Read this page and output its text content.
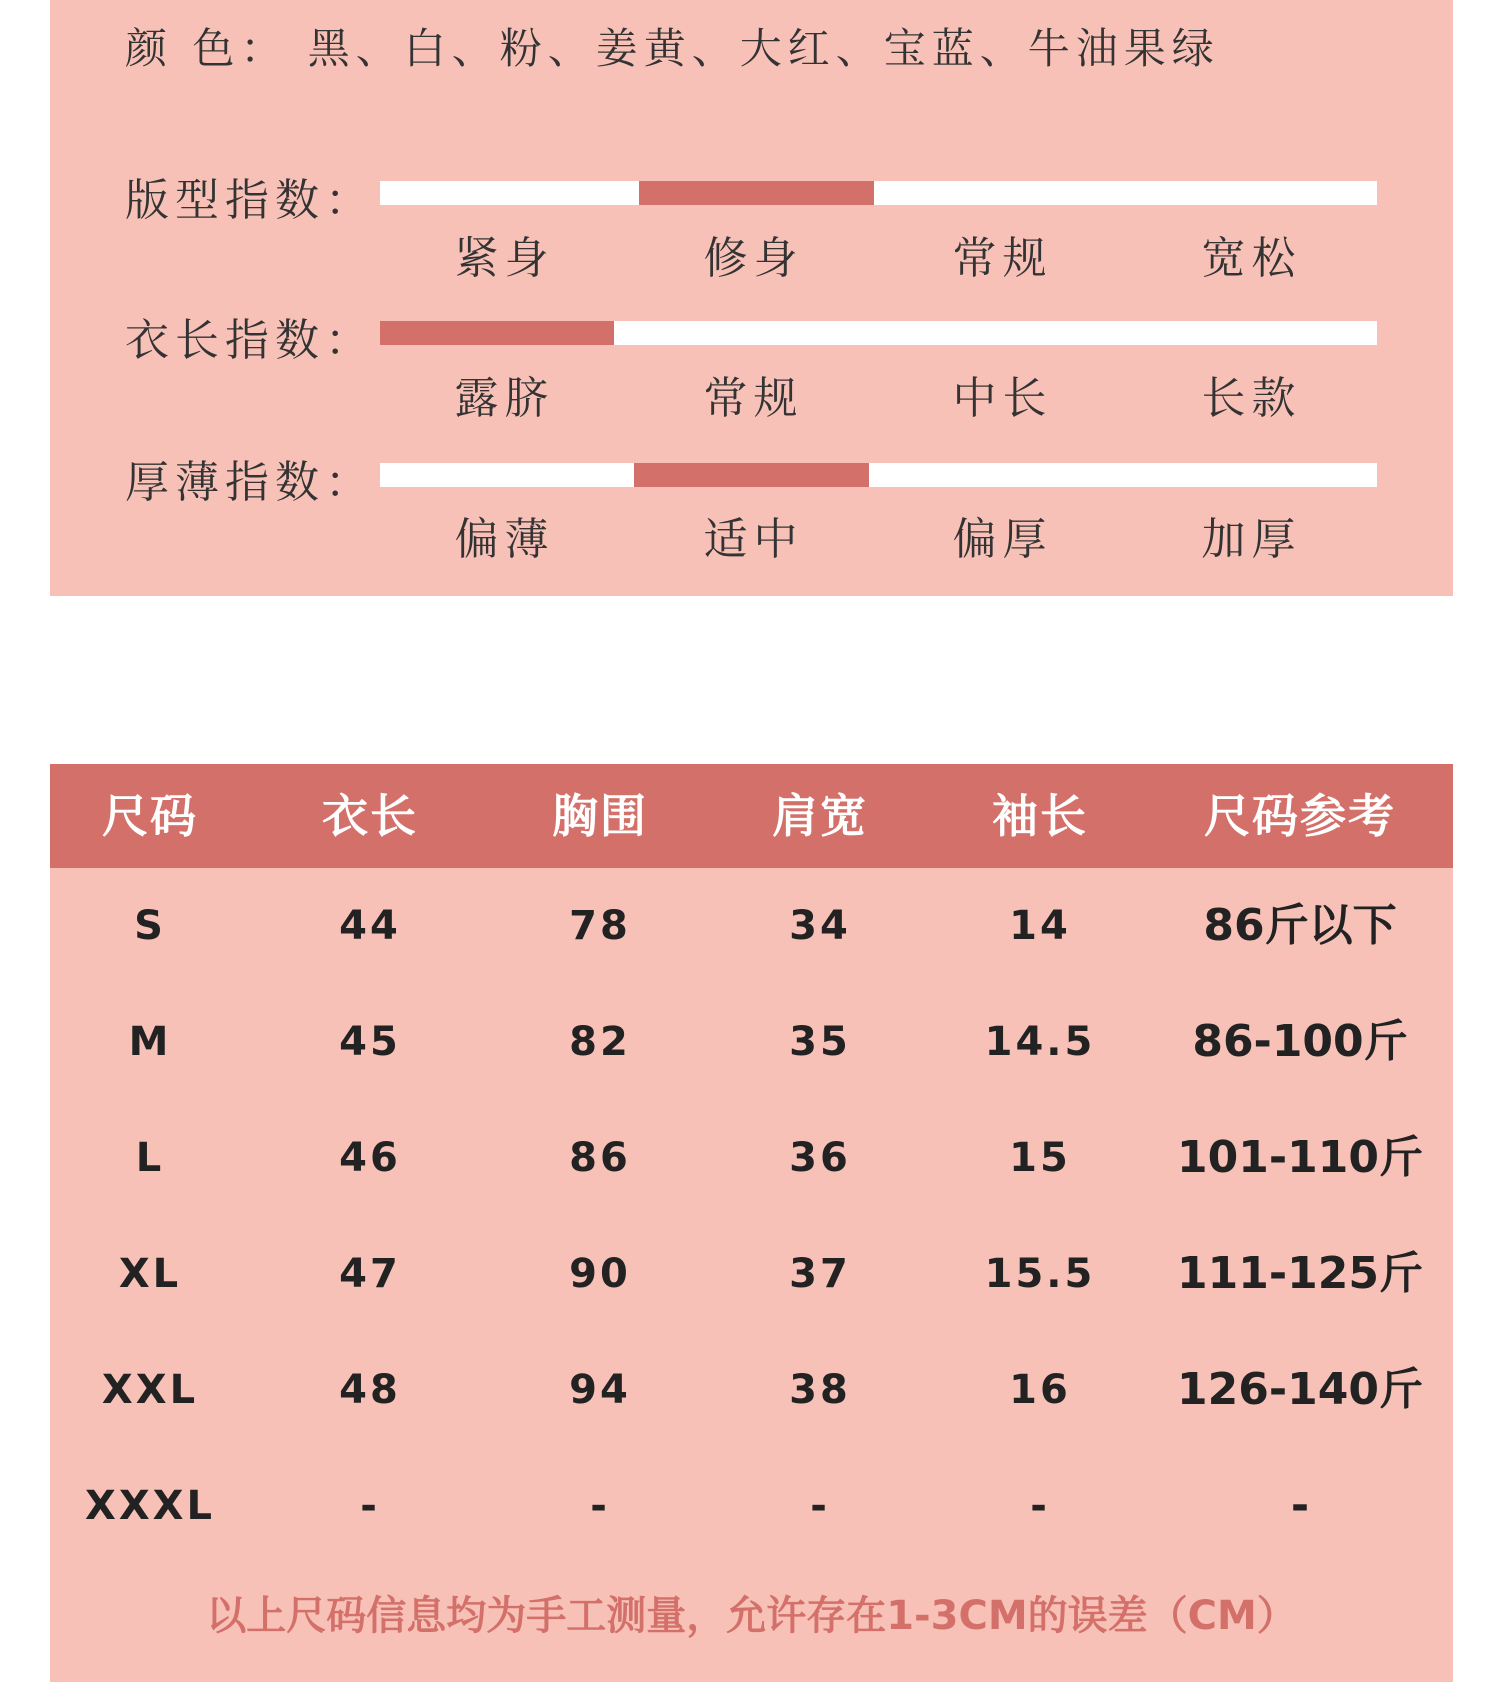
颜 色： 黑、白、粉、姜黄、大红、宝蓝、牛油果绿
版型指数：
紧身	修身	常规	宽松
衣长指数：
露脐	常规	中长	长款
厚薄指数：
偏薄	适中	偏厚	加厚
尺码	衣长	胸围	肩宽	袖长	尺码参考
S	44	78	34	14	86斤以下
M	45	82	35	14.5	86-100斤
L	46	86	36	15	101-110斤
XL	47	90	37	15.5	111-125斤
XXL	48	94	38	16	126-140斤
XXXL	-	-	-	-	-
以上尺码信息均为手工测量，允许存在1-3CM的误差（CM）
